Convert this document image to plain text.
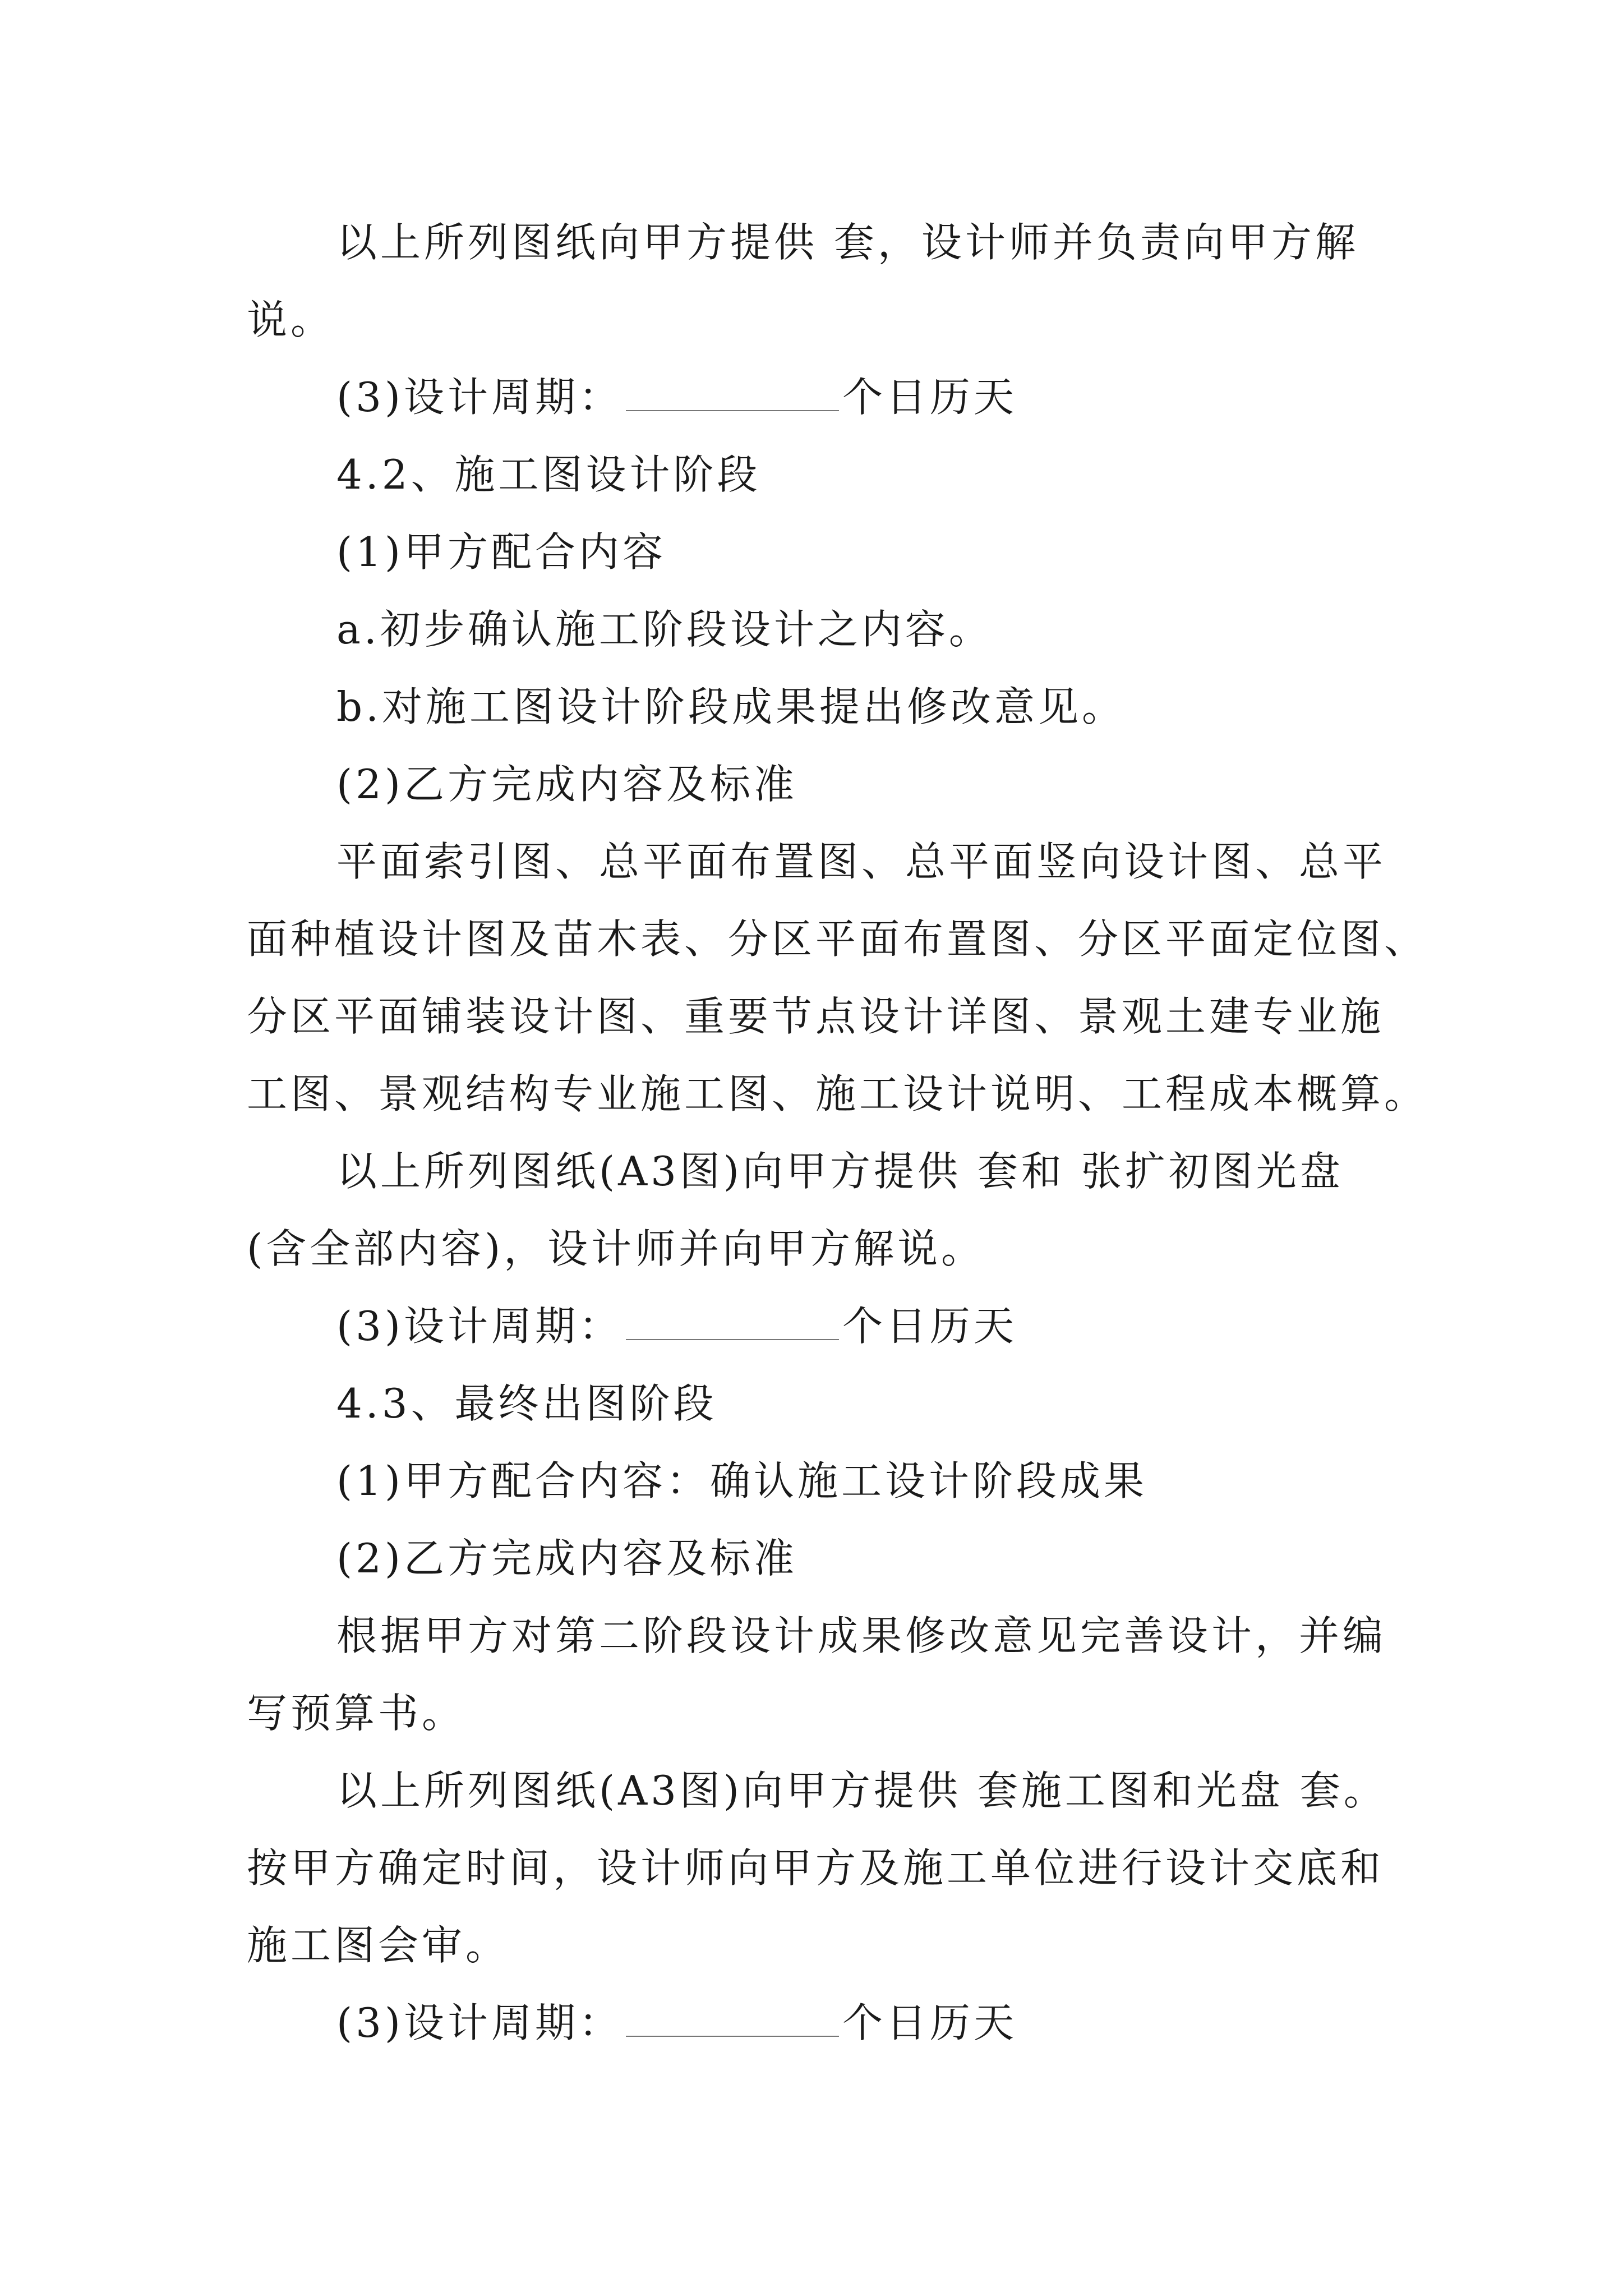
以上所列图纸向甲方提供 套，设计师并负责向甲方解
说。
(3)设计周期：	个日历天
4.2、施工图设计阶段
(1)甲方配合内容
a.初步确认施工阶段设计之内容。
b.对施工图设计阶段成果提出修改意见。
(2)乙方完成内容及标准
平面索引图、总平面布置图、总平面竖向设计图、总平
面种植设计图及苗木表、分区平面布置图、分区平面定位图、
分区平面铺装设计图、重要节点设计详图、景观土建专业施
工图、景观结构专业施工图、施工设计说明、工程成本概算。
以上所列图纸(A3图)向甲方提供 套和 张扩初图光盘
(含全部内容)，设计师并向甲方解说。
(3)设计周期：	个日历天
4.3、最终出图阶段
(1)甲方配合内容：确认施工设计阶段成果
(2)乙方完成内容及标准
根据甲方对第二阶段设计成果修改意见完善设计，并编
写预算书。
以上所列图纸(A3图)向甲方提供 套施工图和光盘 套。
按甲方确定时间，设计师向甲方及施工单位进行设计交底和
施工图会审。
(3)设计周期：	个日历天
